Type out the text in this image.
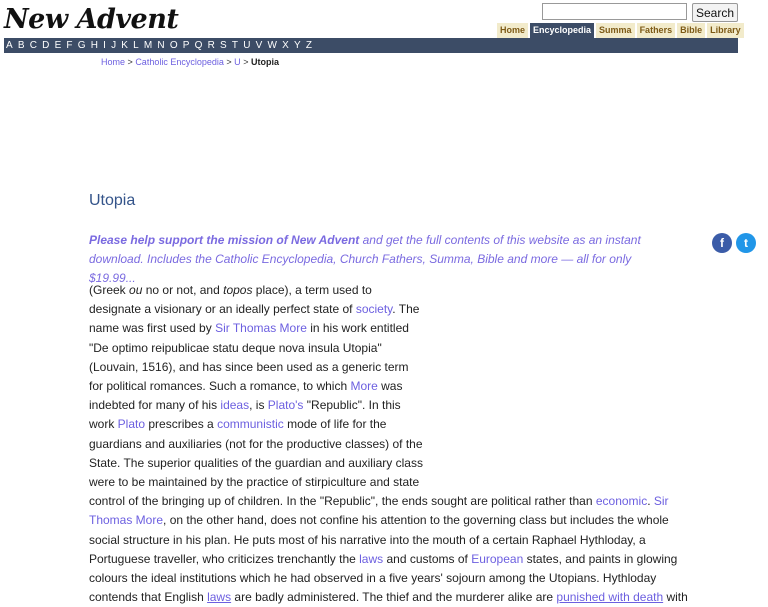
New Advent	Search
Home Encyclopedia Summa Fathers Bible Library
A B C D E F G H I J K L M N O P Q R S T U V W X Y Z
Home > Catholic Encyclopedia > U > Utopia
Utopia
Please help support the mission of New Advent and get the full contents of this website as an instant
download. Includes the Catholic Encyclopedia, Church Fathers, Summa, Bible and more — all for only $19.99...
f	t
(Greek ou no or not, and topos place), a term used to
designate a visionary or an ideally perfect state of society. The
name was first used by Sir Thomas More in his work entitled
"De optimo reipublicae statu deque nova insula Utopia"
(Louvain, 1516), and has since been used as a generic term
for political romances. Such a romance, to which More was
indebted for many of his ideas, is Plato's "Republic". In this
work Plato prescribes a communistic mode of life for the
guardians and auxiliaries (not for the productive classes) of the
State. The superior qualities of the guardian and auxiliary class
were to be maintained by the practice of stirpiculture and state
control of the bringing up of children. In the "Republic", the ends sought are political rather than economic. Sir
Thomas More, on the other hand, does not confine his attention to the governing class but includes the whole
social structure in his plan. He puts most of his narrative into the mouth of a certain Raphael Hythloday, a
Portuguese traveller, who criticizes trenchantly the laws and customs of European states, and paints in glowing
colours the ideal institutions which he had observed in a five years' sojourn among the Utopians. Hythloday
contends that English laws are badly administered. The thief and the murderer alike are punished with death with
